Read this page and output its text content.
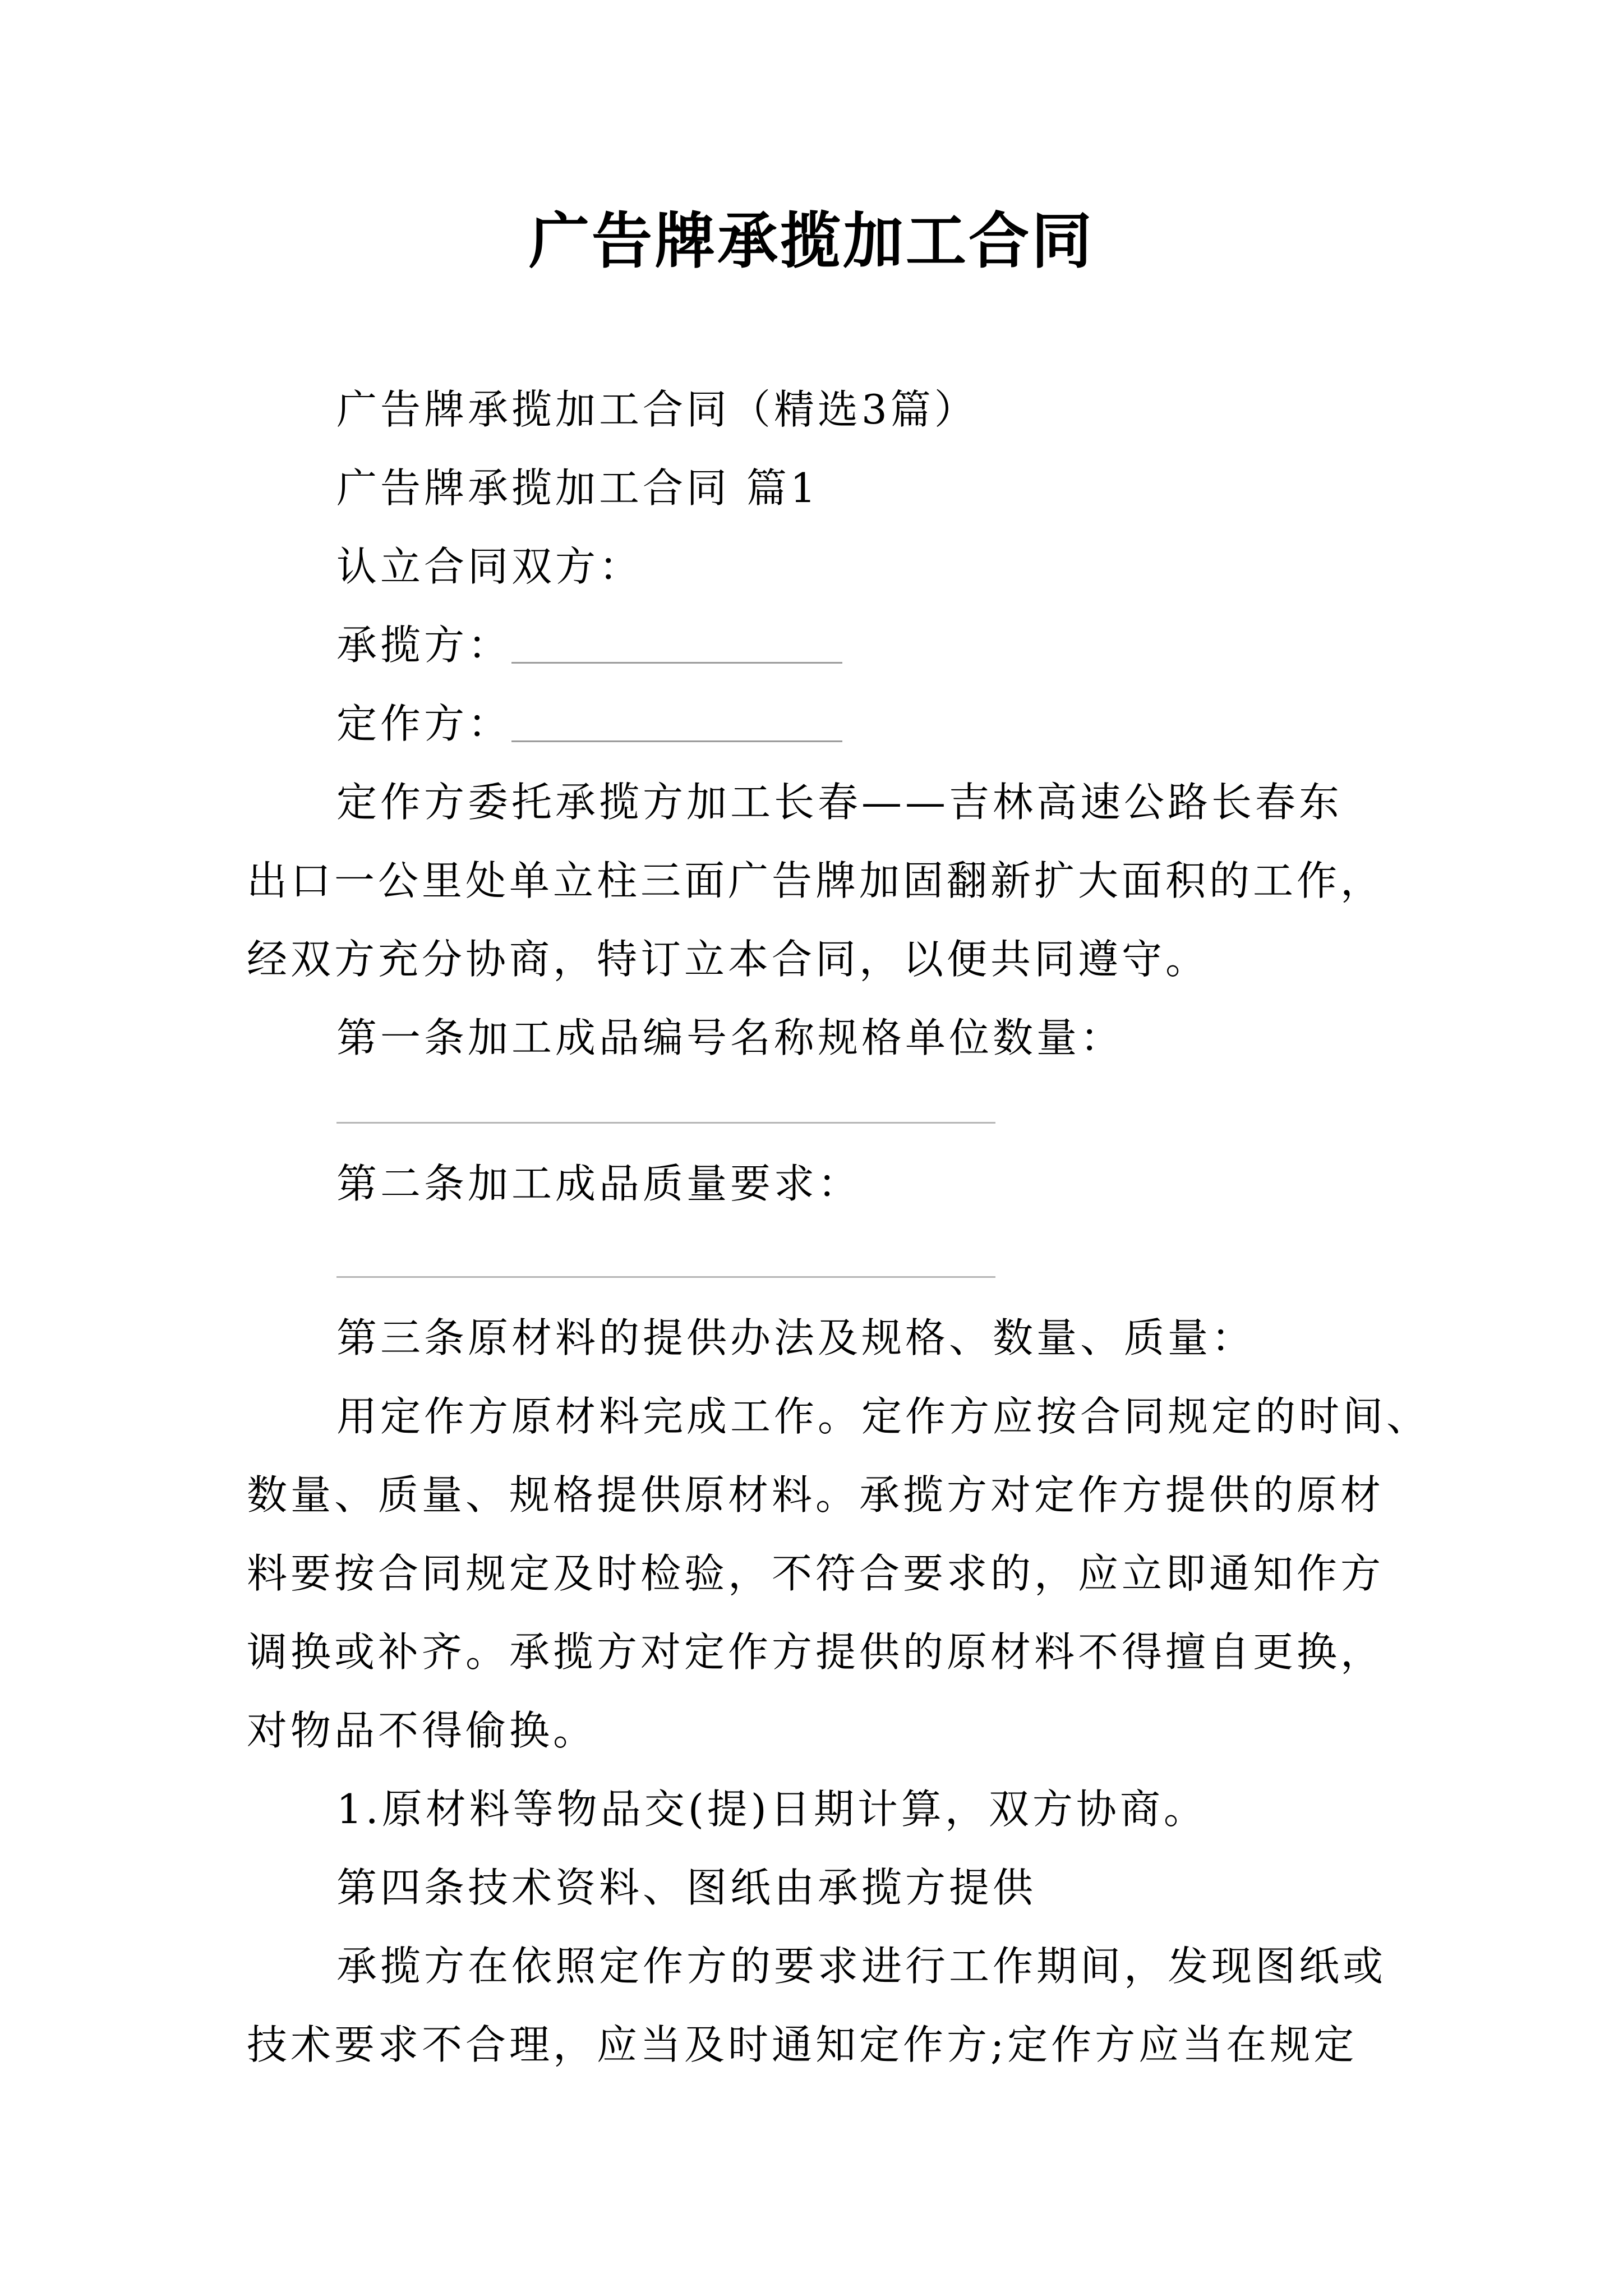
广告牌承揽加工合同
广告牌承揽加工合同（精选3篇）
广告牌承揽加工合同 篇1
认立合同双方：
承揽方：
定作方：
定作方委托承揽方加工长春——吉林高速公路长春东
出口一公里处单立柱三面广告牌加固翻新扩大面积的工作，
经双方充分协商，特订立本合同，以便共同遵守。
第一条加工成品编号名称规格单位数量：
第二条加工成品质量要求：
第三条原材料的提供办法及规格、数量、质量：
用定作方原材料完成工作。定作方应按合同规定的时间、
数量、质量、规格提供原材料。承揽方对定作方提供的原材
料要按合同规定及时检验，不符合要求的，应立即通知作方
调换或补齐。承揽方对定作方提供的原材料不得擅自更换，
对物品不得偷换。
1.原材料等物品交(提)日期计算，双方协商。
第四条技术资料、图纸由承揽方提供
承揽方在依照定作方的要求进行工作期间，发现图纸或
技术要求不合理，应当及时通知定作方;定作方应当在规定
